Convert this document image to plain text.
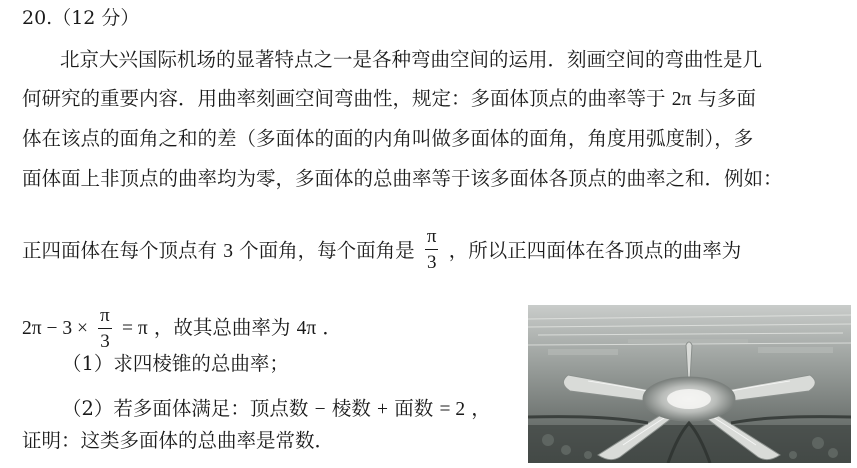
20.（12 分）
北京大兴国际机场的显著特点之一是各种弯曲空间的运用．刻画空间的弯曲性是几
何研究的重要内容．用曲率刻画空间弯曲性，规定：多面体顶点的曲率等于 2π 与多面
体在该点的面角之和的差（多面体的面的内角叫做多面体的面角，角度用弧度制），多
面体面上非顶点的曲率均为零，多面体的总曲率等于该多面体各顶点的曲率之和．例如：
正四面体在每个顶点有 3 个面角，每个面角是 $\frac{\pi}{3}$ ，所以正四面体在各顶点的曲率为
$2\pi - 3 \times \frac{\pi}{3} = \pi$ ，故其总曲率为 4π ．
（1）求四棱锥的总曲率；
（2）若多面体满足：顶点数 − 棱数 + 面数 = 2 ，
证明：这类多面体的总曲率是常数．
